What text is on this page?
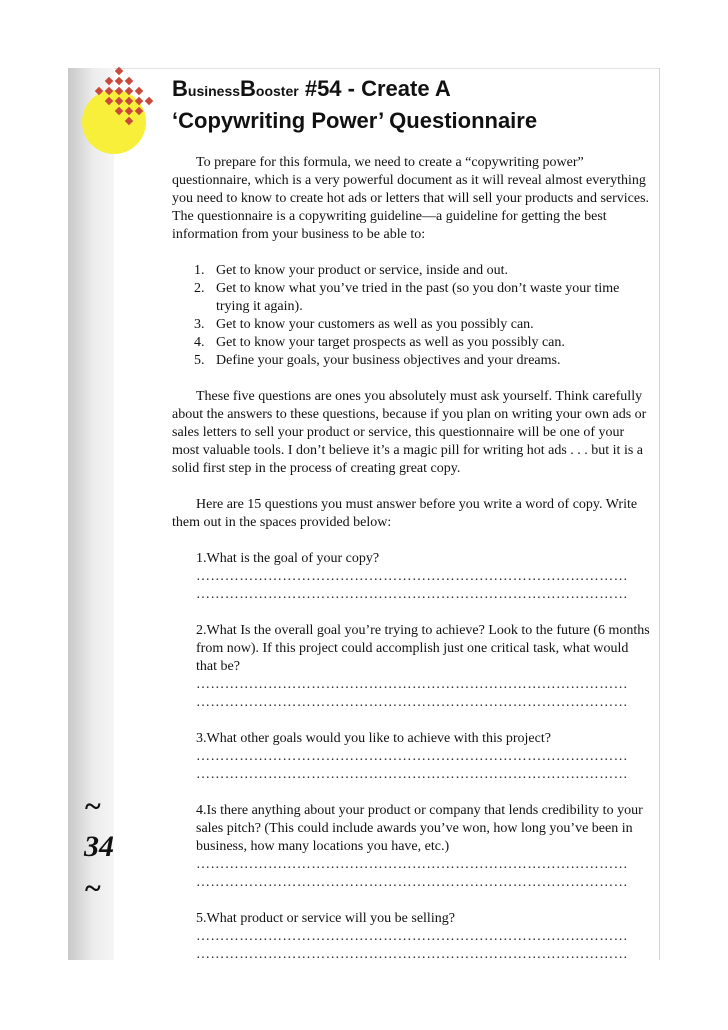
~
34
~
BusinessBooster #54 - Create A
‘Copywriting Power’ Questionnaire

To prepare for this formula, we need to create a “copywriting power” questionnaire, which is a very powerful document as it will reveal almost everything you need to know to create hot ads or letters that will sell your products and services. The questionnaire is a copywriting guideline—a guideline for getting the best information from your business to be able to:

1. Get to know your product or service, inside and out.
2. Get to know what you’ve tried in the past (so you don’t waste your time trying it again).
3. Get to know your customers as well as you possibly can.
4. Get to know your target prospects as well as you possibly can.
5. Define your goals, your business objectives and your dreams.

These five questions are ones you absolutely must ask yourself. Think carefully about the answers to these questions, because if you plan on writing your own ads or sales letters to sell your product or service, this questionnaire will be one of your most valuable tools. I don’t believe it’s a magic pill for writing hot ads . . . but it is a solid first step in the process of creating great copy.

Here are 15 questions you must answer before you write a word of copy. Write them out in the spaces provided below:

1.What is the goal of your copy?
………………………………………………………………………………
………………………………………………………………………………
2.What Is the overall goal you’re trying to achieve? Look to the future (6 months from now). If this project could accomplish just one critical task, what would that be?
………………………………………………………………………………
………………………………………………………………………………
3.What other goals would you like to achieve with this project?
………………………………………………………………………………
………………………………………………………………………………
4.Is there anything about your product or company that lends credibility to your sales pitch? (This could include awards you’ve won, how long you’ve been in business, how many locations you have, etc.)
………………………………………………………………………………
………………………………………………………………………………
5.What product or service will you be selling?
………………………………………………………………………………
………………………………………………………………………………
